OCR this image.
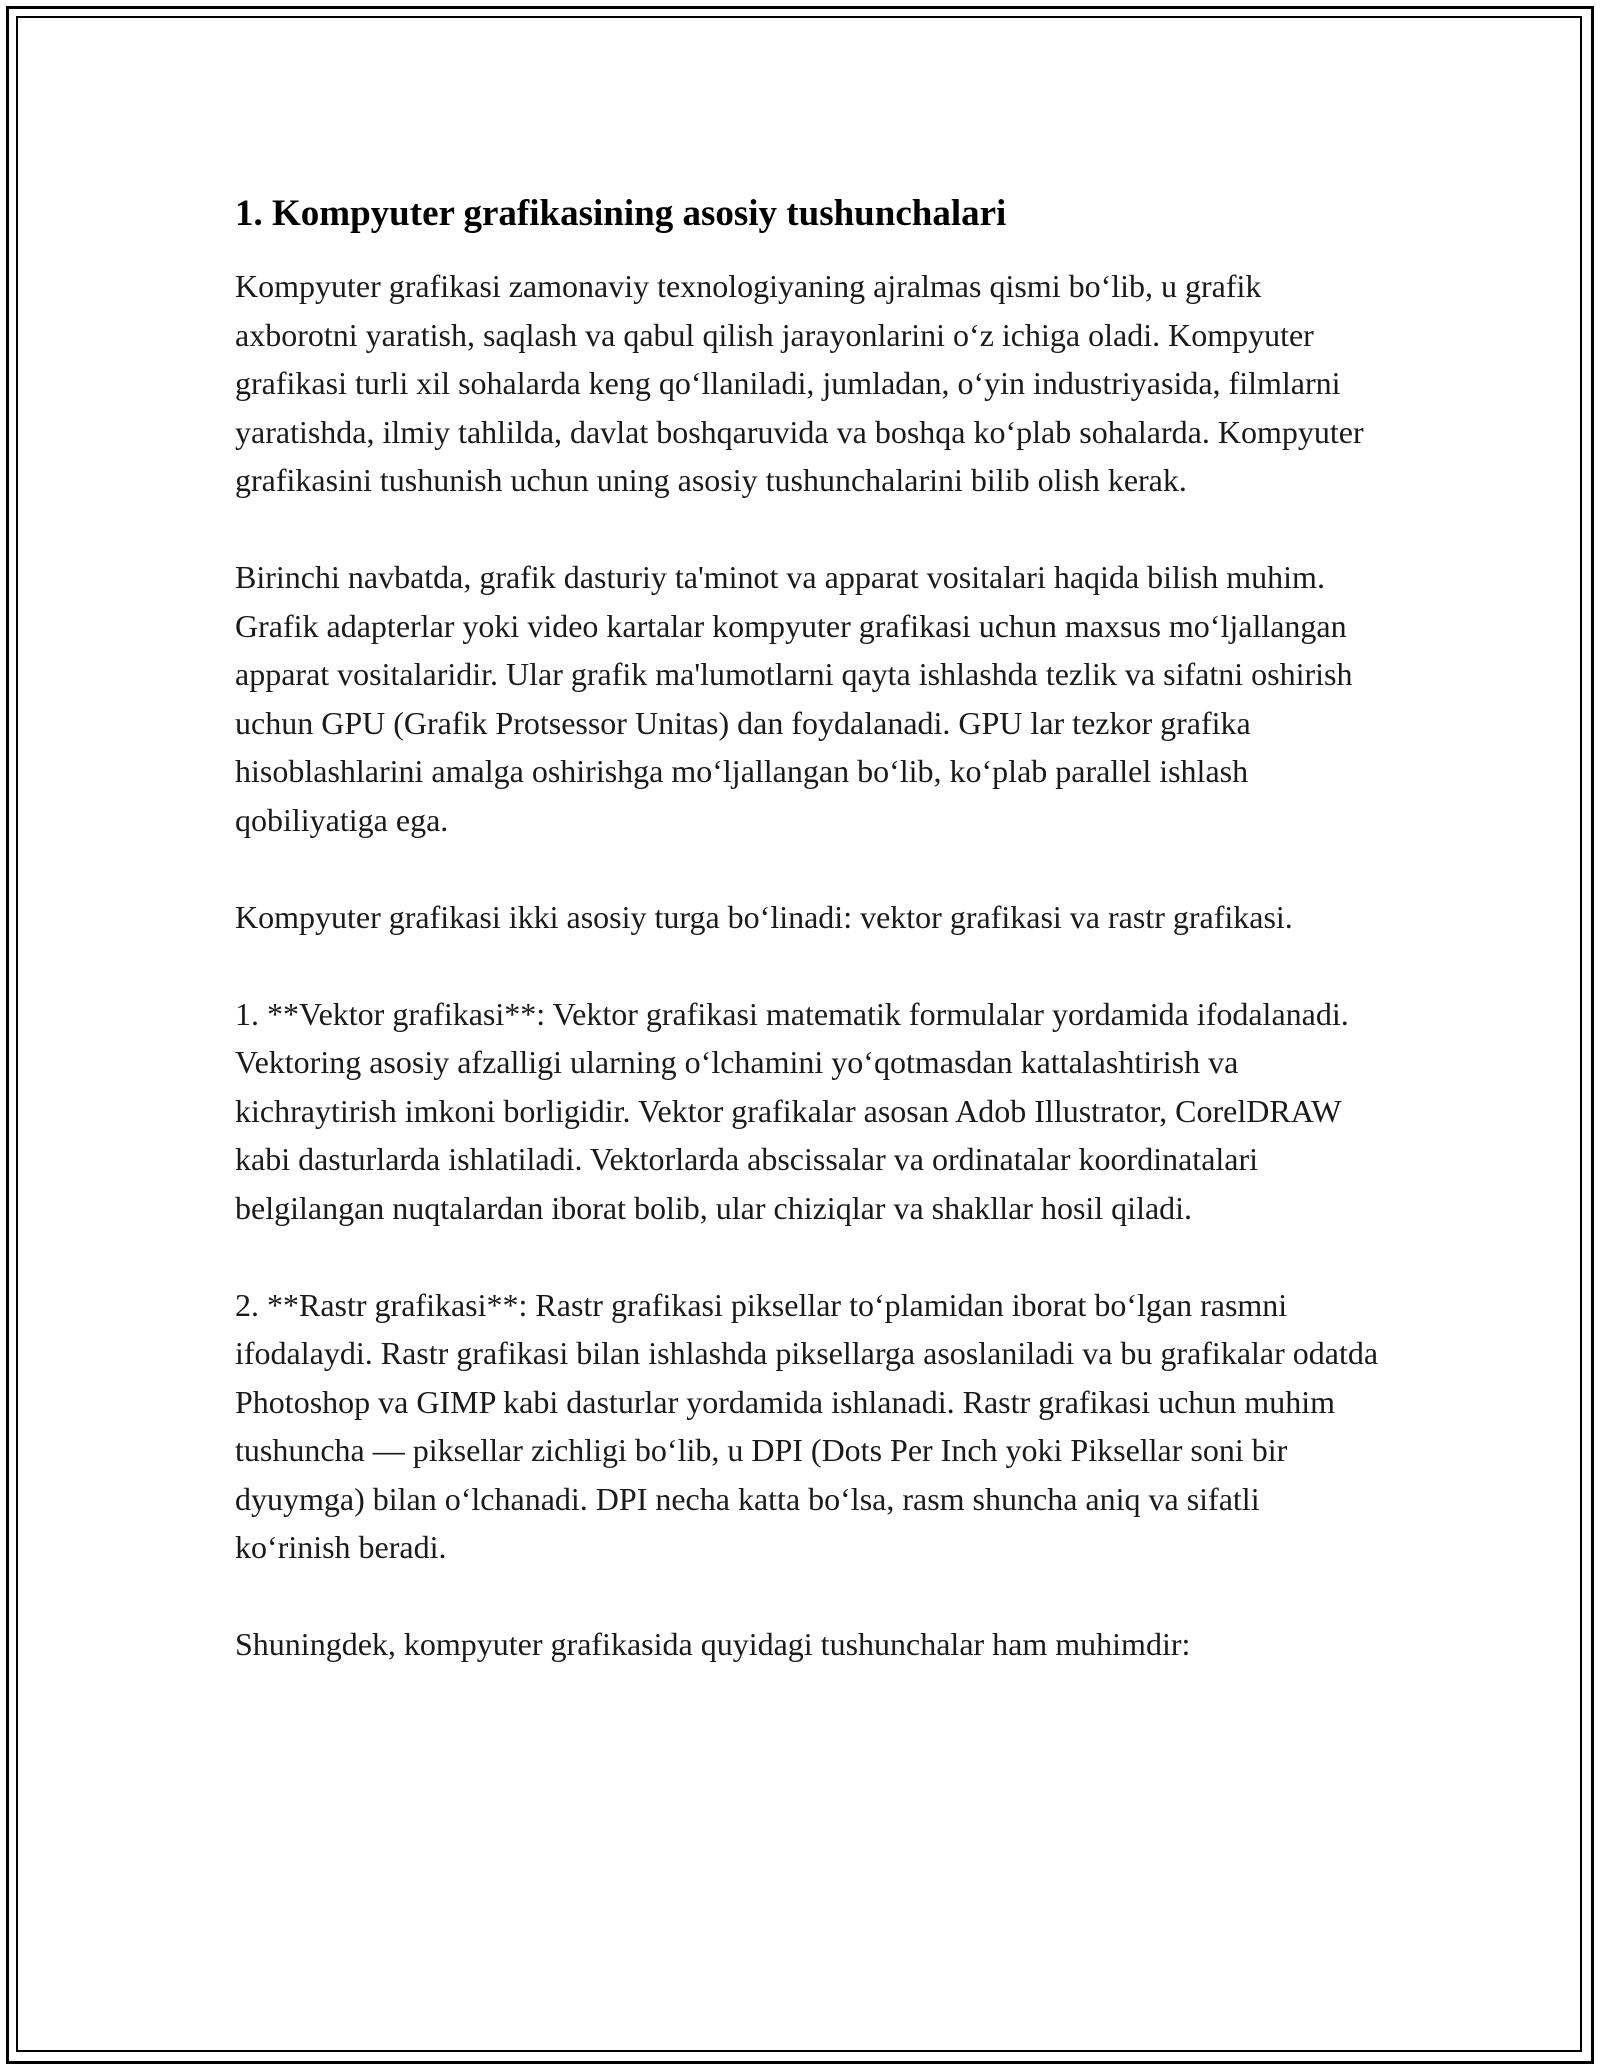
1. Kompyuter grafikasining asosiy tushunchalari

Kompyuter grafikasi zamonaviy texnologiyaning ajralmas qismi bo‘lib, u grafik axborotni yaratish, saqlash va qabul qilish jarayonlarini o‘z ichiga oladi. Kompyuter grafikasi turli xil sohalarda keng qo‘llaniladi, jumladan, o‘yin industriyasida, filmlarni yaratishda, ilmiy tahlilda, davlat boshqaruvida va boshqa ko‘plab sohalarda. Kompyuter grafikasini tushunish uchun uning asosiy tushunchalarini bilib olish kerak.

Birinchi navbatda, grafik dasturiy ta'minot va apparat vositalari haqida bilish muhim. Grafik adapterlar yoki video kartalar kompyuter grafikasi uchun maxsus mo‘ljallangan apparat vositalaridir. Ular grafik ma'lumotlarni qayta ishlashda tezlik va sifatni oshirish uchun GPU (Grafik Protsessor Unitas) dan foydalanadi. GPU lar tezkor grafika hisoblashlarini amalga oshirishga mo‘ljallangan bo‘lib, ko‘plab parallel ishlash qobiliyatiga ega.

Kompyuter grafikasi ikki asosiy turga bo‘linadi: vektor grafikasi va rastr grafikasi.

1. **Vektor grafikasi**: Vektor grafikasi matematik formulalar yordamida ifodalanadi. Vektoring asosiy afzalligi ularning o‘lchamini yo‘qotmasdan kattalashtirish va kichraytirish imkoni borligidir. Vektor grafikalar asosan Adob Illustrator, CorelDRAW kabi dasturlarda ishlatiladi. Vektorlarda abscissalar va ordinatalar koordinatalari belgilangan nuqtalardan iborat bolib, ular chiziqlar va shakllar hosil qiladi.

2. **Rastr grafikasi**: Rastr grafikasi piksellar to‘plamidan iborat bo‘lgan rasmni ifodalaydi. Rastr grafikasi bilan ishlashda piksellarga asoslaniladi va bu grafikalar odatda Photoshop va GIMP kabi dasturlar yordamida ishlanadi. Rastr grafikasi uchun muhim tushuncha — piksellar zichligi bo‘lib, u DPI (Dots Per Inch yoki Piksellar soni bir dyuymga) bilan o‘lchanadi. DPI necha katta bo‘lsa, rasm shuncha aniq va sifatli ko‘rinish beradi.

Shuningdek, kompyuter grafikasida quyidagi tushunchalar ham muhimdir:
